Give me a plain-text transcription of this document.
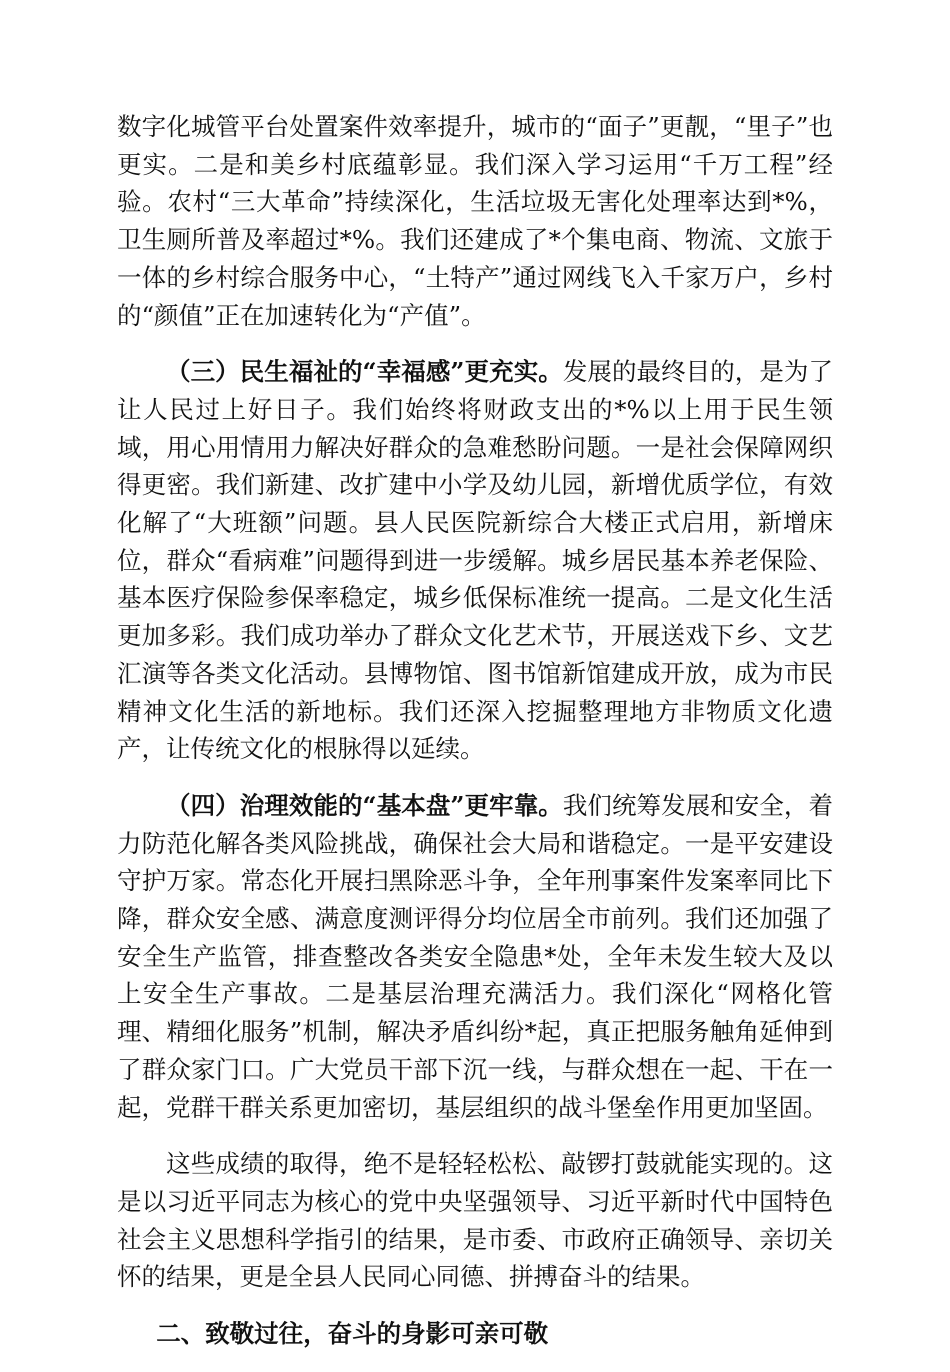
数字化城管平台处置案件效率提升，城市的“面子”更靓，“里子”也更实。二是和美乡村底蕴彰显。我们深入学习运用“千万工程”经验。农村“三大革命”持续深化，生活垃圾无害化处理率达到*%，卫生厕所普及率超过*%。我们还建成了*个集电商、物流、文旅于一体的乡村综合服务中心，“土特产”通过网线飞入千家万户，乡村的“颜值”正在加速转化为“产值”。

（三）民生福祉的“幸福感”更充实。发展的最终目的，是为了让人民过上好日子。我们始终将财政支出的*%以上用于民生领域，用心用情用力解决好群众的急难愁盼问题。一是社会保障网织得更密。我们新建、改扩建中小学及幼儿园，新增优质学位，有效化解了“大班额”问题。县人民医院新综合大楼正式启用，新增床位，群众“看病难”问题得到进一步缓解。城乡居民基本养老保险、基本医疗保险参保率稳定，城乡低保标准统一提高。二是文化生活更加多彩。我们成功举办了群众文化艺术节，开展送戏下乡、文艺汇演等各类文化活动。县博物馆、图书馆新馆建成开放，成为市民精神文化生活的新地标。我们还深入挖掘整理地方非物质文化遗产，让传统文化的根脉得以延续。

（四）治理效能的“基本盘”更牢靠。我们统筹发展和安全，着力防范化解各类风险挑战，确保社会大局和谐稳定。一是平安建设守护万家。常态化开展扫黑除恶斗争，全年刑事案件发案率同比下降，群众安全感、满意度测评得分均位居全市前列。我们还加强了安全生产监管，排查整改各类安全隐患*处，全年未发生较大及以上安全生产事故。二是基层治理充满活力。我们深化“网格化管理、精细化服务”机制，解决矛盾纠纷*起，真正把服务触角延伸到了群众家门口。广大党员干部下沉一线，与群众想在一起、干在一起，党群干群关系更加密切，基层组织的战斗堡垒作用更加坚固。

这些成绩的取得，绝不是轻轻松松、敲锣打鼓就能实现的。这是以习近平同志为核心的党中央坚强领导、习近平新时代中国特色社会主义思想科学指引的结果，是市委、市政府正确领导、亲切关怀的结果，更是全县人民同心同德、拼搏奋斗的结果。

二、致敬过往，奋斗的身影可亲可敬
